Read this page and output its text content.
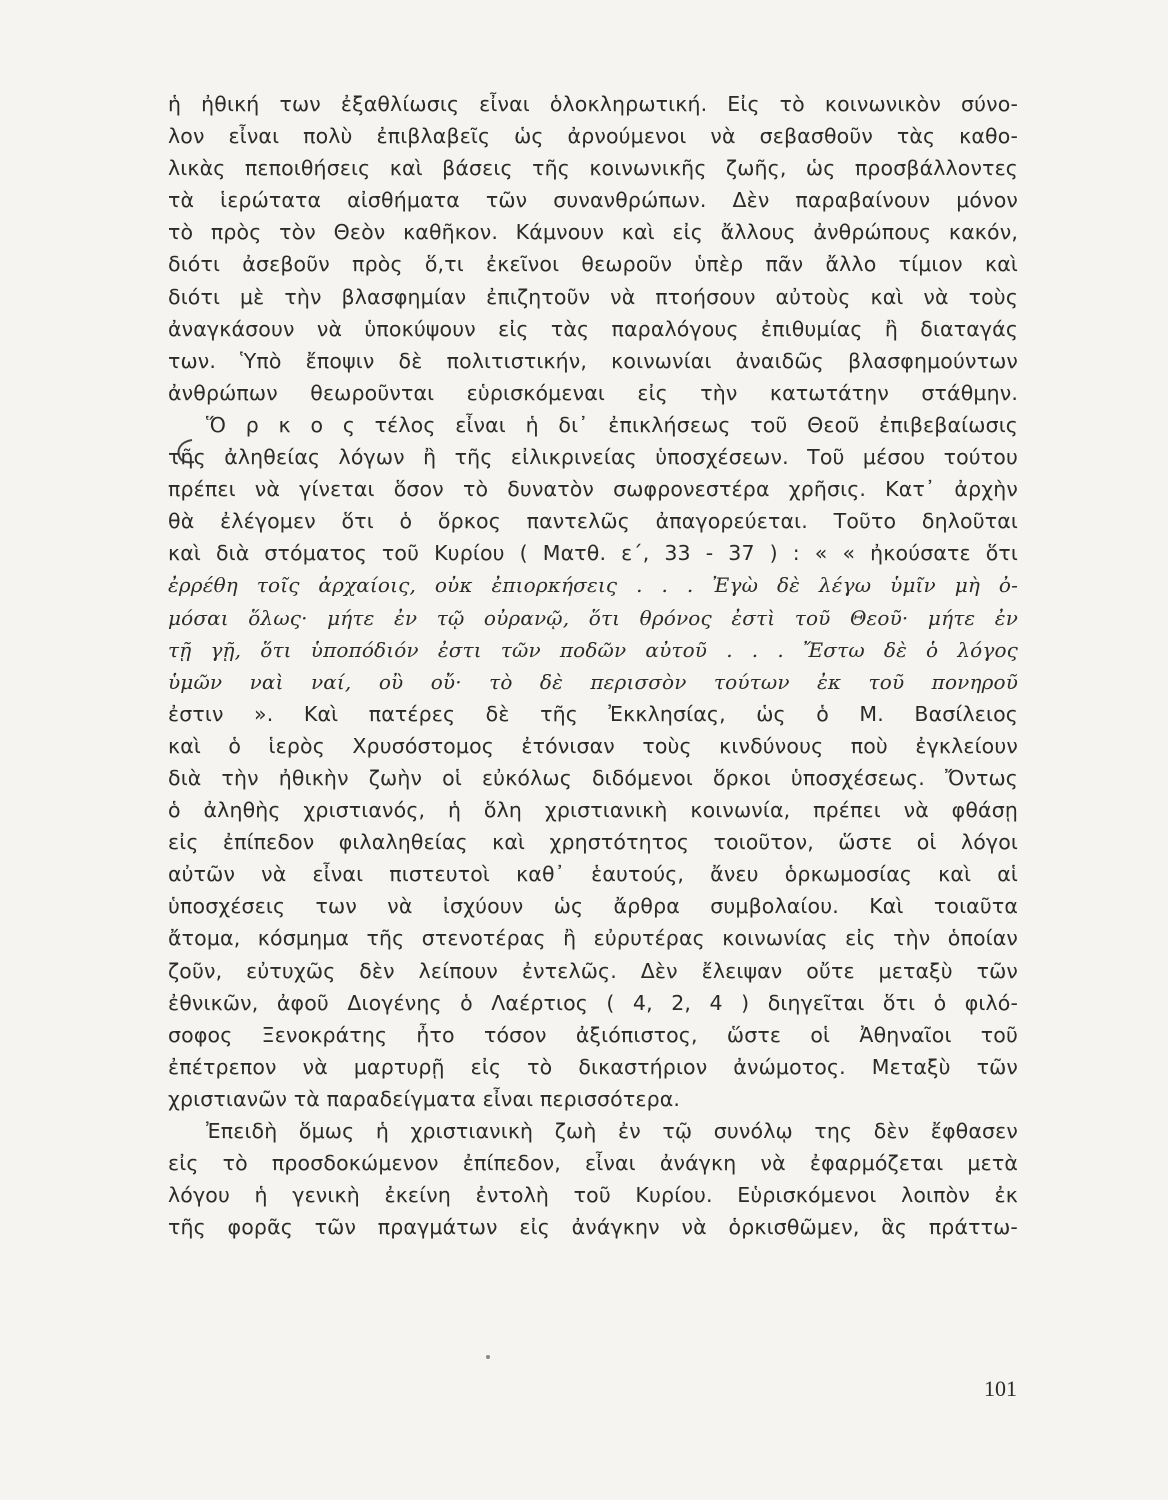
ἡ ἠθική των ἐξαθλίωσις εἶναι ὁλοκληρωτική. Εἰς τὸ κοινωνικὸν σύνο-
λον εἶναι πολὺ ἐπιβλαβεῖς ὡς ἀρνούμενοι νὰ σεβασθοῦν τὰς καθο-
λικὰς πεποιθήσεις καὶ βάσεις τῆς κοινωνικῆς ζωῆς, ὡς προσβάλλοντες
τὰ ἱερώτατα αἰσθήματα τῶν συνανθρώπων. Δὲν παραβαίνουν μόνον
τὸ πρὸς τὸν Θεὸν καθῆκον. Κάμνουν καὶ εἰς ἄλλους ἀνθρώπους κακόν,
διότι ἀσεβοῦν πρὸς ὅ,τι ἐκεῖνοι θεωροῦν ὑπὲρ πᾶν ἄλλο τίμιον καὶ
διότι μὲ τὴν βλασφημίαν ἐπιζητοῦν νὰ πτοήσουν αὐτοὺς καὶ νὰ τοὺς
ἀναγκάσουν νὰ ὑποκύψουν εἰς τὰς παραλόγους ἐπιθυμίας ἢ διαταγάς
των. Ὑπὸ ἔποψιν δὲ πολιτιστικήν, κοινωνίαι ἀναιδῶς βλασφημούντων
ἀνθρώπων θεωροῦνται εὑρισκόμεναι εἰς τὴν κατωτάτην στάθμην.
Ὅ ρ κ ο ς τέλος εἶναι ἡ δι᾽ ἐπικλήσεως τοῦ Θεοῦ ἐπιβεβαίωσις
τῆς ἀληθείας λόγων ἢ τῆς εἰλικρινείας ὑποσχέσεων. Τοῦ μέσου τούτου
πρέπει νὰ γίνεται ὅσον τὸ δυνατὸν σωφρονεστέρα χρῆσις. Κατ᾽ ἀρχὴν
θὰ ἐλέγομεν ὅτι ὁ ὅρκος παντελῶς ἀπαγορεύεται. Τοῦτο δηλοῦται
καὶ διὰ στόματος τοῦ Κυρίου ( Ματθ. ε΄, 33 - 37 ) : « « ἠκούσατε ὅτι
ἐρρέθη τοῖς ἀρχαίοις, οὐκ ἐπιορκήσεις . . . Ἐγὼ δὲ λέγω ὑμῖν μὴ ὀ-
μόσαι ὅλως· μήτε ἐν τῷ οὐρανῷ, ὅτι θρόνος ἐστὶ τοῦ Θεοῦ· μήτε ἐν
τῇ γῇ, ὅτι ὑποπόδιόν ἐστι τῶν ποδῶν αὐτοῦ . . . Ἔστω δὲ ὁ λόγος
ὑμῶν ναὶ ναί, οὒ οὔ· τὸ δὲ περισσὸν τούτων ἐκ τοῦ πονηροῦ
ἐστιν ». Καὶ πατέρες δὲ τῆς Ἐκκλησίας, ὡς ὁ Μ. Βασίλειος
καὶ ὁ ἱερὸς Χρυσόστομος ἐτόνισαν τοὺς κινδύνους ποὺ ἐγκλείουν
διὰ τὴν ἠθικὴν ζωὴν οἱ εὐκόλως διδόμενοι ὅρκοι ὑποσχέσεως. Ὄντως
ὁ ἀληθὴς χριστιανός, ἡ ὅλη χριστιανικὴ κοινωνία, πρέπει νὰ φθάσῃ
εἰς ἐπίπεδον φιλαληθείας καὶ χρηστότητος τοιοῦτον, ὥστε οἱ λόγοι
αὐτῶν νὰ εἶναι πιστευτοὶ καθ᾽ ἑαυτούς, ἄνευ ὁρκωμοσίας καὶ αἱ
ὑποσχέσεις των νὰ ἰσχύουν ὡς ἄρθρα συμβολαίου. Καὶ τοιαῦτα
ἄτομα, κόσμημα τῆς στενοτέρας ἢ εὐρυτέρας κοινωνίας εἰς τὴν ὁποίαν
ζοῦν, εὐτυχῶς δὲν λείπουν ἐντελῶς. Δὲν ἔλειψαν οὔτε μεταξὺ τῶν
ἐθνικῶν, ἀφοῦ Διογένης ὁ Λαέρτιος ( 4, 2, 4 ) διηγεῖται ὅτι ὁ φιλό-
σοφος Ξενοκράτης ἦτο τόσον ἀξιόπιστος, ὥστε οἱ Ἀθηναῖοι τοῦ
ἐπέτρεπον νὰ μαρτυρῇ εἰς τὸ δικαστήριον ἀνώμοτος. Μεταξὺ τῶν
χριστιανῶν τὰ παραδείγματα εἶναι περισσότερα.
Ἐπειδὴ ὅμως ἡ χριστιανικὴ ζωὴ ἐν τῷ συνόλῳ της δὲν ἔφθασεν
εἰς τὸ προσδοκώμενον ἐπίπεδον, εἶναι ἀνάγκη νὰ ἐφαρμόζεται μετὰ
λόγου ἡ γενικὴ ἐκείνη ἐντολὴ τοῦ Κυρίου. Εὑρισκόμενοι λοιπὸν ἐκ
τῆς φορᾶς τῶν πραγμάτων εἰς ἀνάγκην νὰ ὁρκισθῶμεν, ἃς πράττω-
101
